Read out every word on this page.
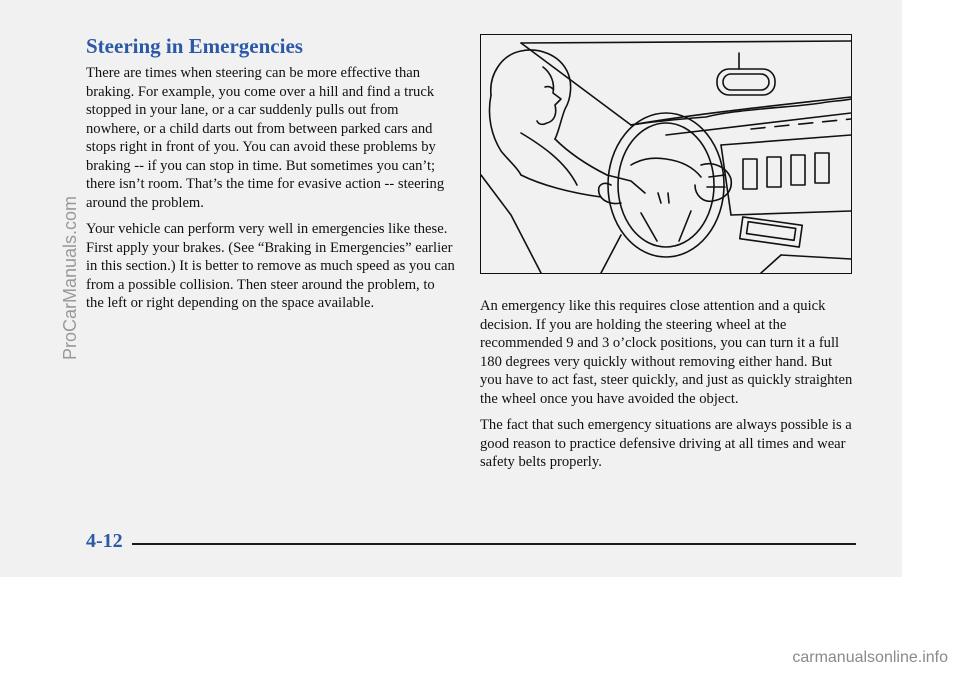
Steering in Emergencies

There are times when steering can be more effective than braking. For example, you come over a hill and find a truck stopped in your lane, or a car suddenly pulls out from nowhere, or a child darts out from between parked cars and stops right in front of you. You can avoid these problems by braking -- if you can stop in time. But sometimes you can’t; there isn’t room. That’s the time for evasive action -- steering around the problem.

Your vehicle can perform very well in emergencies like these. First apply your brakes. (See “Braking in Emergencies” earlier in this section.) It is better to remove as much speed as you can from a possible collision. Then steer around the problem, to the left or right depending on the space available.	An emergency like this requires close attention and a quick decision. If you are holding the steering wheel at the recommended 9 and 3 o’clock positions, you can turn it a full 180 degrees very quickly without removing either hand. But you have to act fast, steer quickly, and just as quickly straighten the wheel once you have avoided the object.

The fact that such emergency situations are always possible is a good reason to practice defensive driving at all times and wear safety belts properly.

4-12
ProCarManuals.com
carmanualsonline.info
